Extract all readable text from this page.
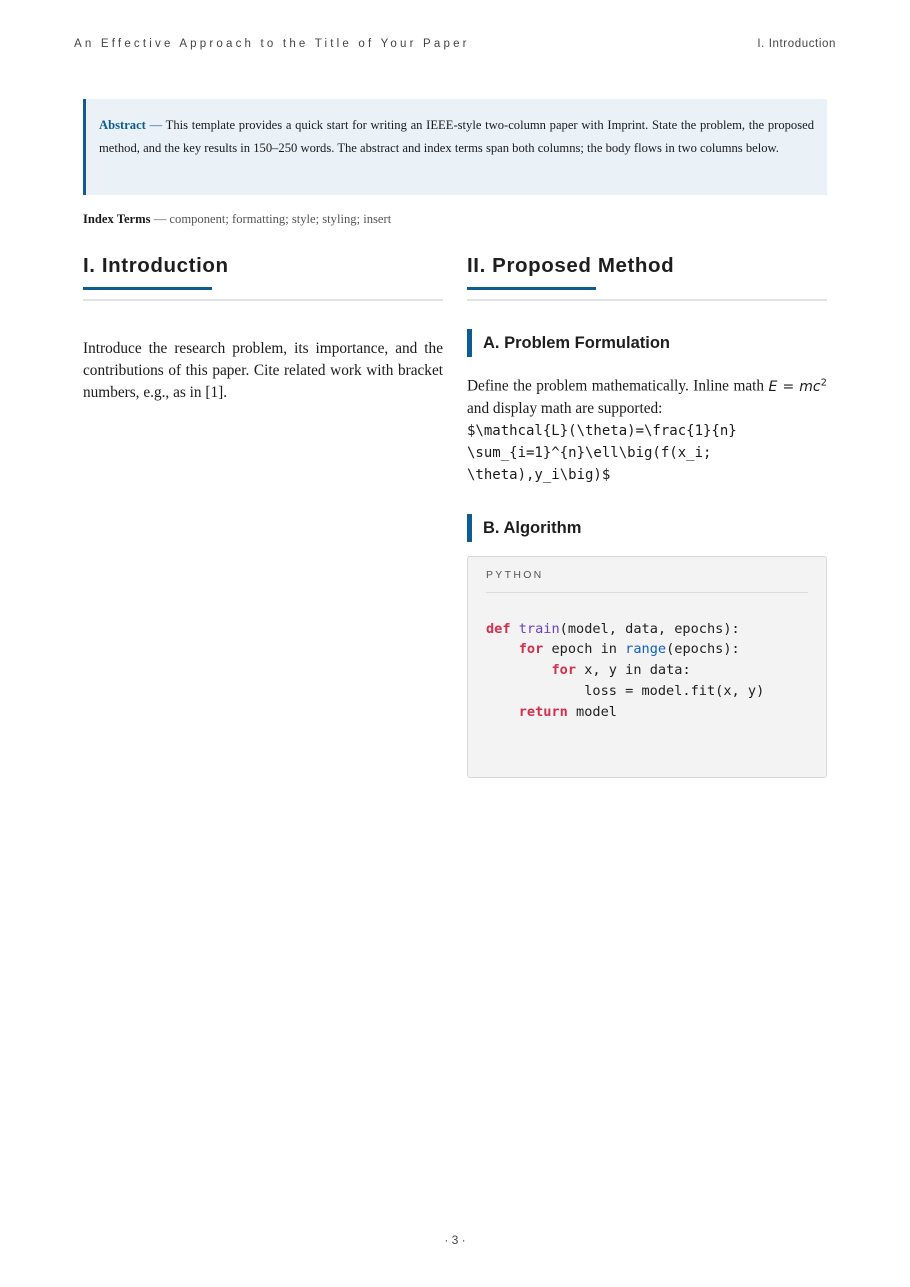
An Effective Approach to the Title of Your Paper	I. Introduction
Abstract — This template provides a quick start for writing an IEEE-style two-column paper with Imprint. State the problem, the proposed method, and the key results in 150–250 words. The abstract and index terms span both columns; the body flows in two columns below.
Index Terms — component; formatting; style; styling; insert
I. Introduction

Introduce the research problem, its importance, and the contributions of this paper. Cite related work with bracket numbers, e.g., as in [1].

II. Proposed Method
A. Problem Formulation

Define the problem mathematically. Inline math $E = mc^2$ and display math are supported:
$\mathcal{L}(\theta)=\frac{1}{n}
\sum_{i=1}^{n}\ell\big(f(x_i;
\theta),y_i\big)$

B. Algorithm
PYTHON
def train(model, data, epochs):
for epoch in range(epochs):
for x, y in data:
loss = model.fit(x, y)
return model
· 3 ·
